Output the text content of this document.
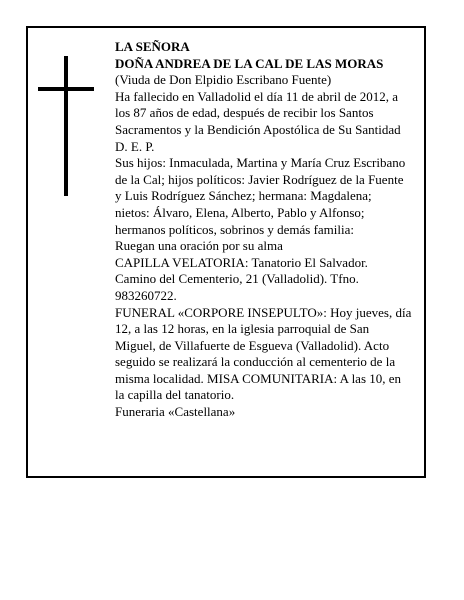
LA SEÑORA
DOÑA ANDREA DE LA CAL DE LAS MORAS
(Viuda de Don Elpidio Escribano Fuente)
Ha fallecido en Valladolid el día 11 de abril de 2012, a
los 87 años de edad, después de recibir los Santos
Sacramentos y la Bendición Apostólica de Su Santidad
D. E. P.
Sus hijos: Inmaculada, Martina y María Cruz Escribano
de la Cal; hijos políticos: Javier Rodríguez de la Fuente
y Luis Rodríguez Sánchez; hermana: Magdalena;
nietos: Álvaro, Elena, Alberto, Pablo y Alfonso;
hermanos políticos, sobrinos y demás familia:
Ruegan una oración por su alma
CAPILLA VELATORIA: Tanatorio El Salvador.
Camino del Cementerio, 21 (Valladolid). Tfno.
983260722.
FUNERAL «CORPORE INSEPULTO»: Hoy jueves, día
12, a las 12 horas, en la iglesia parroquial de San
Miguel, de Villafuerte de Esgueva (Valladolid). Acto
seguido se realizará la conducción al cementerio de la
misma localidad. MISA COMUNITARIA: A las 10, en
la capilla del tanatorio.
Funeraria «Castellana»
